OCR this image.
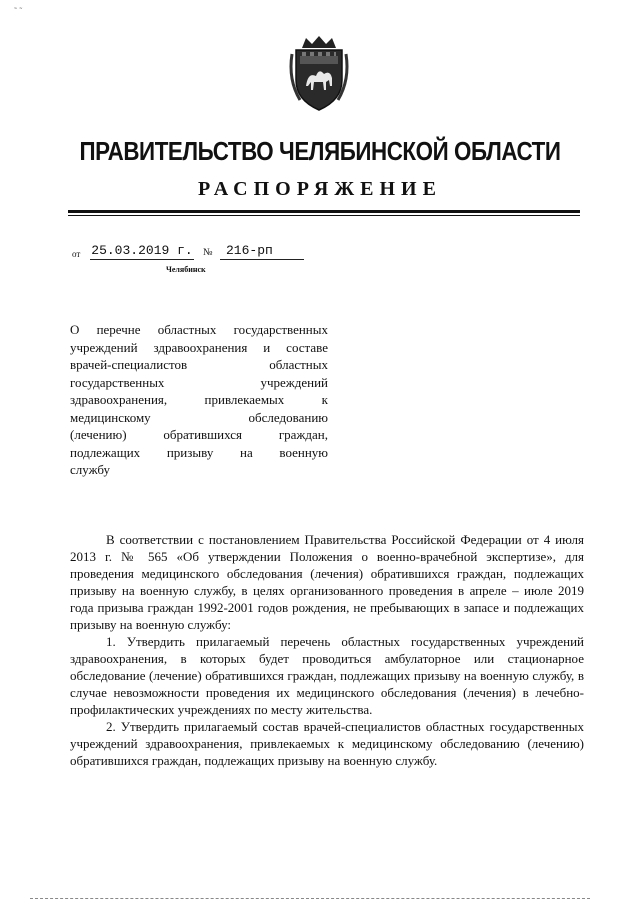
˜ ˜
ПРАВИТЕЛЬСТВО ЧЕЛЯБИНСКОЙ ОБЛАСТИ
РАСПОРЯЖЕНИЕ
от 25.03.2019 г. №	216-рп
Челябинск
О перечне областных государственных
учреждений здравоохранения и составе
врачей-специалистов областных
государственных учреждений
здравоохранения, привлекаемых к
медицинскому обследованию
(лечению) обратившихся граждан,
подлежащих призыву на военную
службу

В соответствии с постановлением Правительства Российской Федерации от 4 июля 2013 г. № 565 «Об утверждении Положения о военно-врачебной экспертизе», для проведения медицинского обследования (лечения) обратившихся граждан, подлежащих призыву на военную службу, в целях организованного проведения в апреле – июле 2019 года призыва граждан 1992-2001 годов рождения, не пребывающих в запасе и подлежащих призыву на военную службу:

1. Утвердить прилагаемый перечень областных государственных учреждений здравоохранения, в которых будет проводиться амбулаторное или стационарное обследование (лечение) обратившихся граждан, подлежащих призыву на военную службу, в случае невозможности проведения их медицинского обследования (лечения) в лечебно-профилактических учреждениях по месту жительства.

2. Утвердить прилагаемый состав врачей-специалистов областных государственных учреждений здравоохранения, привлекаемых к медицинскому обследованию (лечению) обратившихся граждан, подлежащих призыву на военную службу.
